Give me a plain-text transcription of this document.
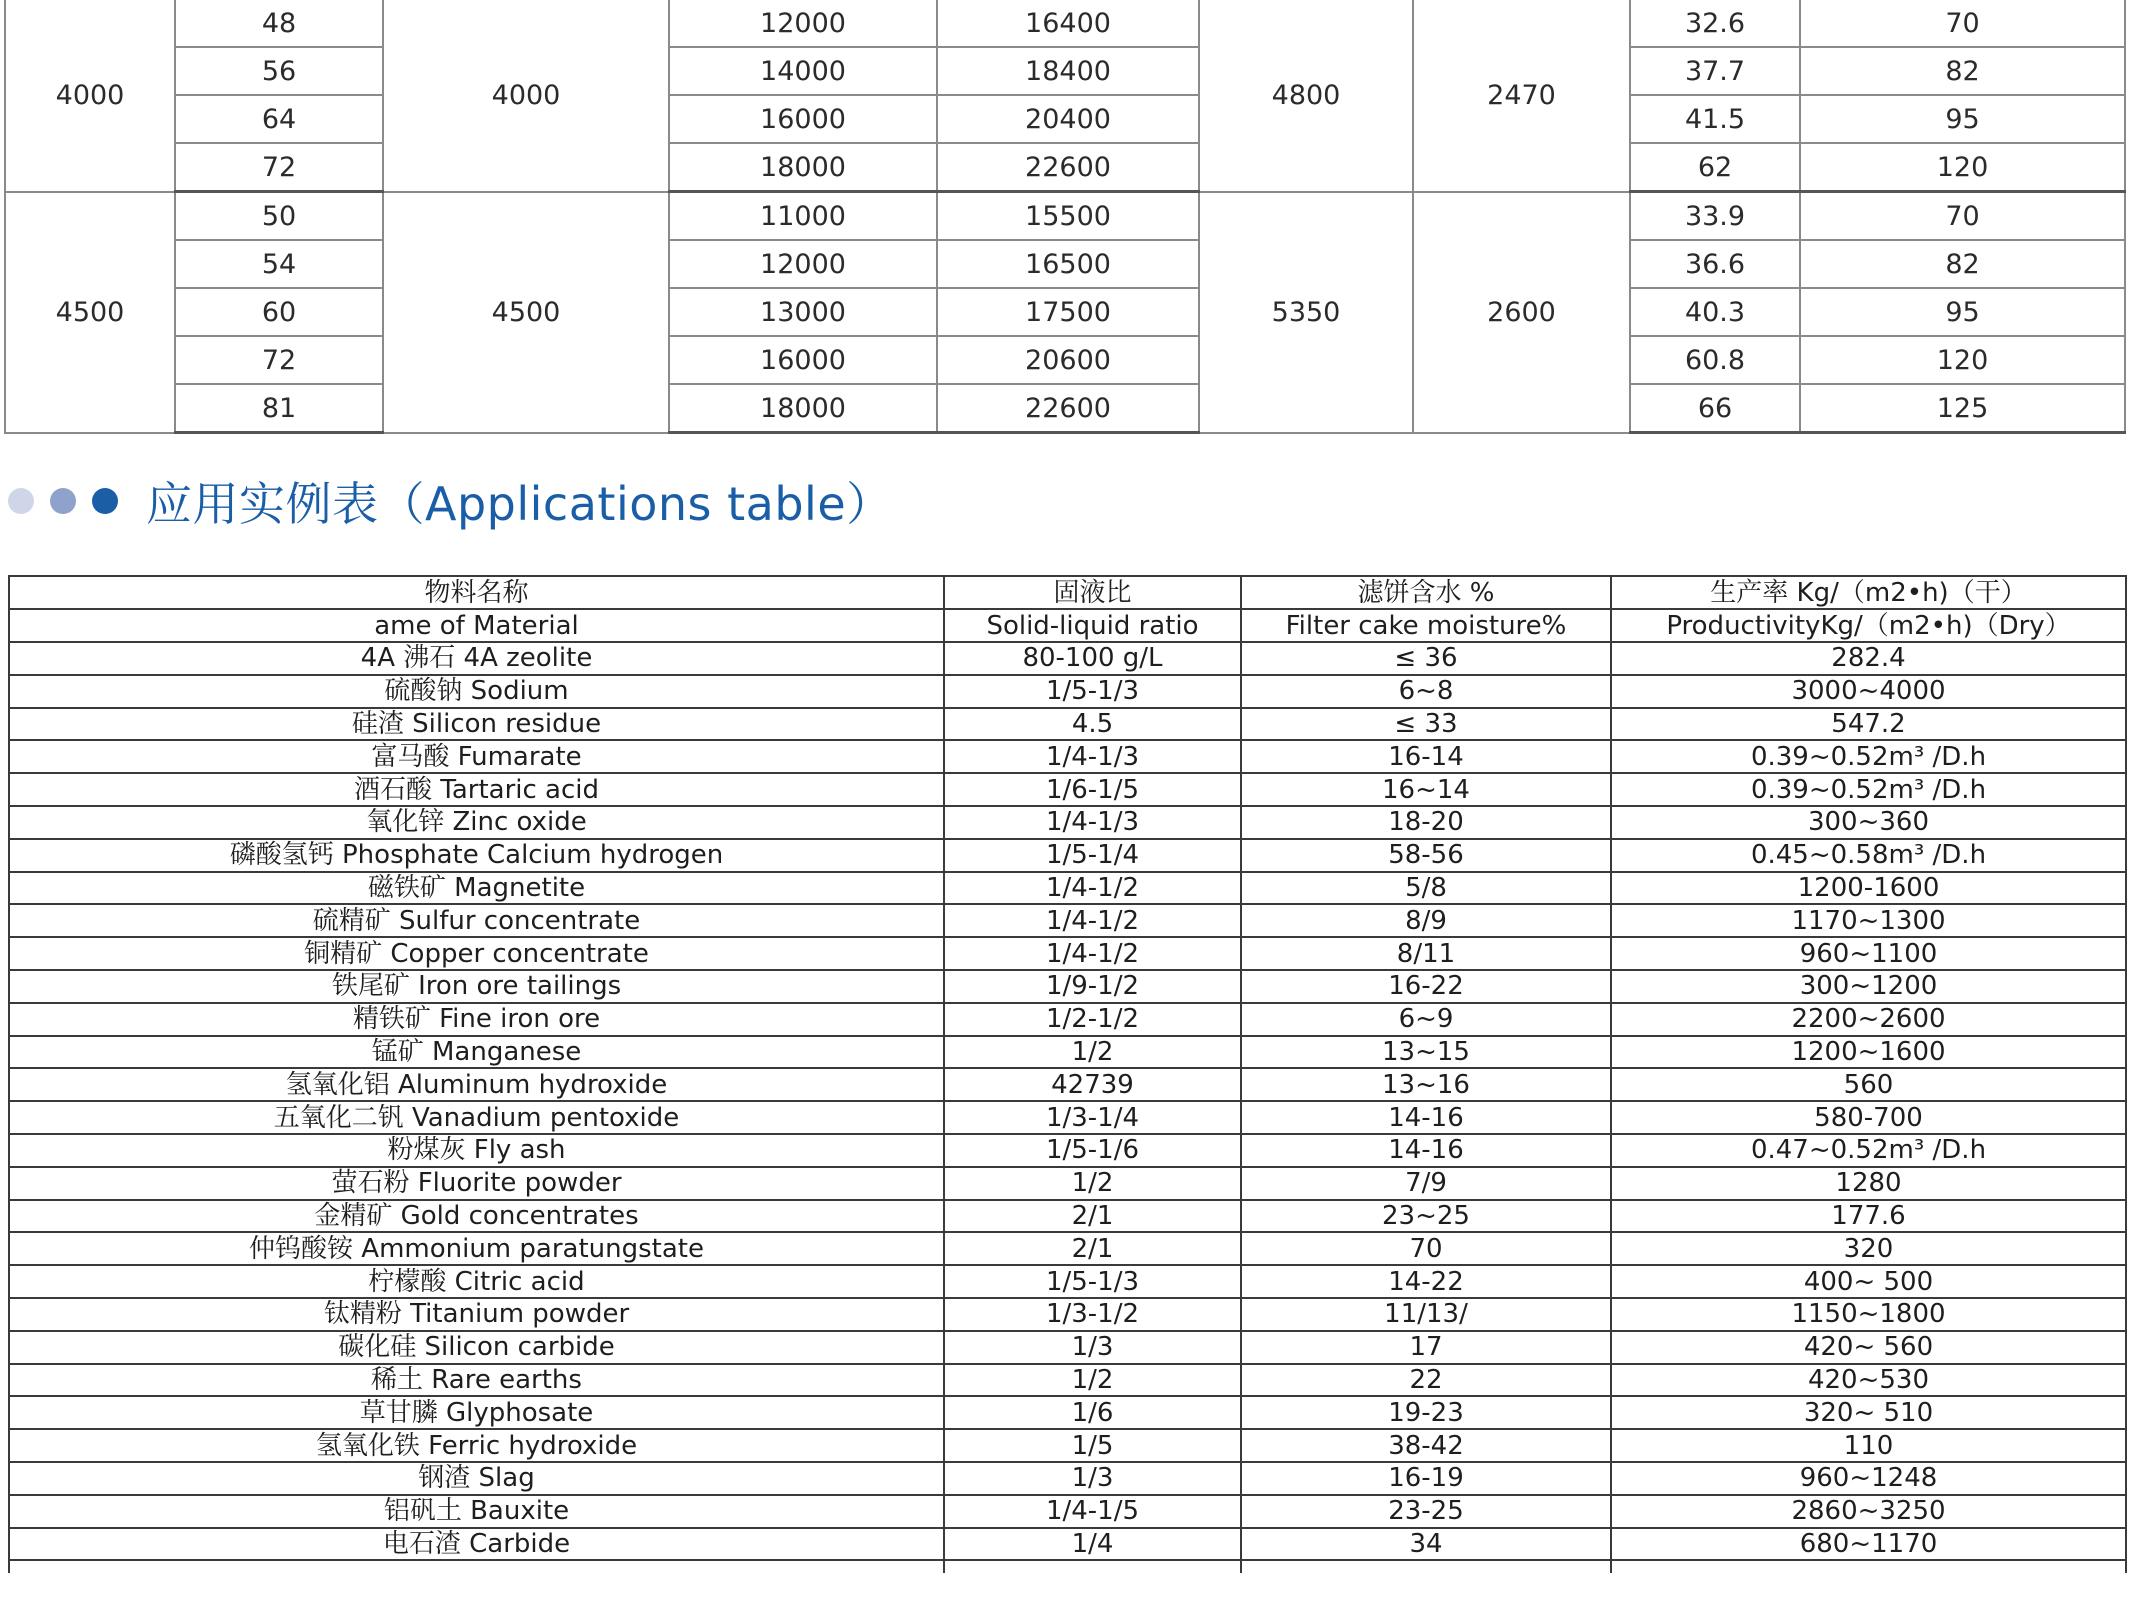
4000	48	4000	12000	16400	4800	2470	32.6	70
	56		14000	18400			37.7	82
	64		16000	20400			41.5	95
	72		18000	22600			62	120
4500	50	4500	11000	15500	5350	2600	33.9	70
	54		12000	16500			36.6	82
	60		13000	17500			40.3	95
	72		16000	20600			60.8	120
	81		18000	22600			66	125
应用实例表（Applications table）
物料名称	固液比	滤饼含水 %	生产率 Kg/（m2•h)（干）
ame of Material	Solid-liquid ratio	Filter cake moisture%	ProductivityKg/（m2•h)（Dry）
4A 沸石 4A zeolite	80-100 g/L	≤ 36	282.4
硫酸钠 Sodium	1/5-1/3	6~8	3000~4000
硅渣 Silicon residue	4.5	≤ 33	547.2
富马酸 Fumarate	1/4-1/3	16-14	0.39~0.52m³ /D.h
酒石酸 Tartaric acid	1/6-1/5	16~14	0.39~0.52m³ /D.h
氧化锌 Zinc oxide	1/4-1/3	18-20	300~360
磷酸氢钙 Phosphate Calcium hydrogen	1/5-1/4	58-56	0.45~0.58m³ /D.h
磁铁矿 Magnetite	1/4-1/2	5/8	1200-1600
硫精矿 Sulfur concentrate	1/4-1/2	8/9	1170~1300
铜精矿 Copper concentrate	1/4-1/2	8/11	960~1100
铁尾矿 Iron ore tailings	1/9-1/2	16-22	300~1200
精铁矿 Fine iron ore	1/2-1/2	6~9	2200~2600
锰矿 Manganese	1/2	13~15	1200~1600
氢氧化铝 Aluminum hydroxide	42739	13~16	560
五氧化二钒 Vanadium pentoxide	1/3-1/4	14-16	580-700
粉煤灰 Fly ash	1/5-1/6	14-16	0.47~0.52m³ /D.h
萤石粉 Fluorite powder	1/2	7/9	1280
金精矿 Gold concentrates	2/1	23~25	177.6
仲钨酸铵 Ammonium paratungstate	2/1	70	320
柠檬酸 Citric acid	1/5-1/3	14-22	400~ 500
钛精粉 Titanium powder	1/3-1/2	11/13/	1150~1800
碳化硅 Silicon carbide	1/3	17	420~ 560
稀土 Rare earths	1/2	22	420~530
草甘膦 Glyphosate	1/6	19-23	320~ 510
氢氧化铁 Ferric hydroxide	1/5	38-42	110
钢渣 Slag	1/3	16-19	960~1248
铝矾土 Bauxite	1/4-1/5	23-25	2860~3250
电石渣 Carbide	1/4	34	680~1170
